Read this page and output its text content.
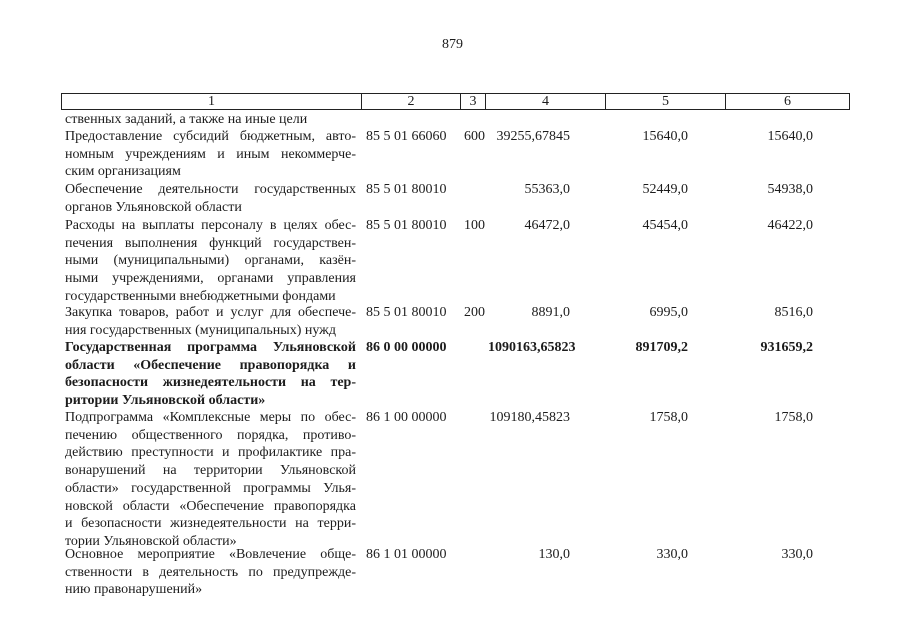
879
1	2	3	4	5	6
ственных заданий, а также на иные цели
Предоставление субсидий бюджетным, авто-
номным учреждениям и иным некоммерче-
ским организациям
85 5 01 66060 600 39255,67845	15640,0	15640,0
Обеспечение деятельности государственных
органов Ульяновской области
85 5 01 80010	55363,0	52449,0	54938,0
Расходы на выплаты персоналу в целях обес-
печения выполнения функций государствен-
ными (муниципальными) органами, казён-
ными учреждениями, органами управления
государственными внебюджетными фондами
85 5 01 80010 100	46472,0	45454,0	46422,0
Закупка товаров, работ и услуг для обеспече-
ния государственных (муниципальных) нужд
85 5 01 80010 200	8891,0	6995,0	8516,0
Государственная программа Ульяновской
области «Обеспечение правопорядка и
безопасности жизнедеятельности на тер-
ритории Ульяновской области»
86 0 00 00000	1090163,65823	891709,2	931659,2
Подпрограмма «Комплексные меры по обес-
печению общественного порядка, противо-
действию преступности и профилактике пра-
вонарушений на территории Ульяновской
области» государственной программы Улья-
новской области «Обеспечение правопорядка
и безопасности жизнедеятельности на терри-
тории Ульяновской области»
86 1 00 00000	109180,45823	1758,0	1758,0
Основное мероприятие «Вовлечение обще-
ственности в деятельность по предупрежде-
нию правонарушений»
86 1 01 00000	130,0	330,0	330,0
